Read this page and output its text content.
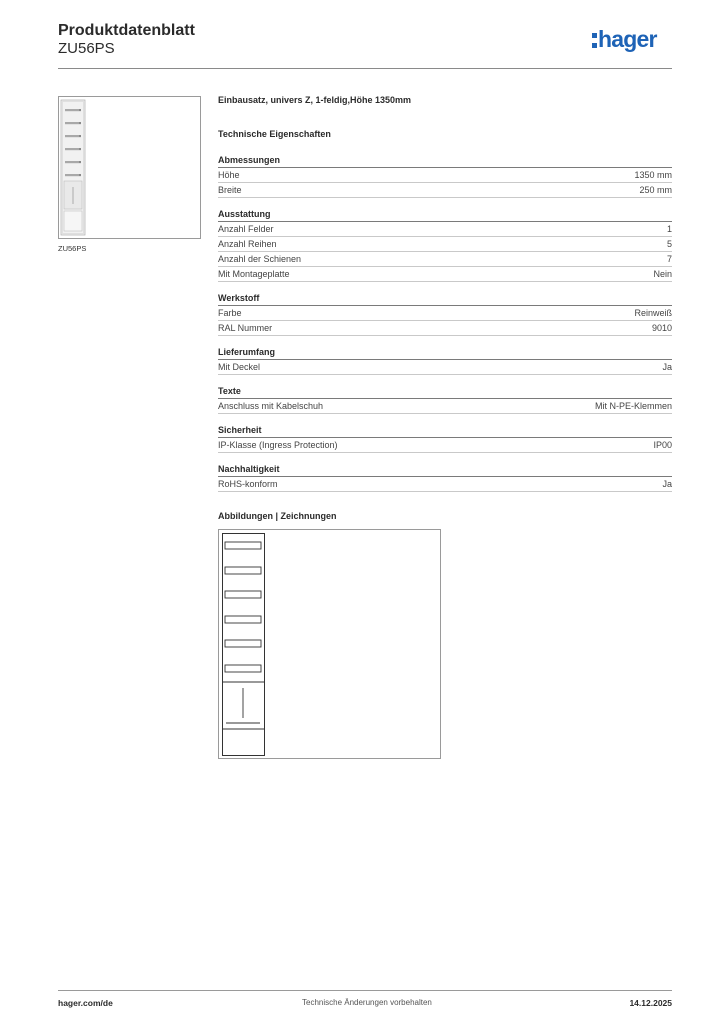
Produktdatenblatt
ZU56PS	hager
ZU56PS
Einbausatz, univers Z, 1-feldig,Höhe 1350mm
Technische Eigenschaften
Abmessungen
Höhe	1350 mm
Breite	250 mm
Ausstattung
Anzahl Felder	1
Anzahl Reihen	5
Anzahl der Schienen	7
Mit Montageplatte	Nein
Werkstoff
Farbe	Reinweiß
RAL Nummer	9010
Lieferumfang
Mit Deckel	Ja
Texte
Anschluss mit Kabelschuh	Mit N-PE-Klemmen
Sicherheit
IP-Klasse (Ingress Protection)	IP00
Nachhaltigkeit
RoHS-konform	Ja
Abbildungen | Zeichnungen
hager.com/de	Technische Änderungen vorbehalten	14.12.2025
